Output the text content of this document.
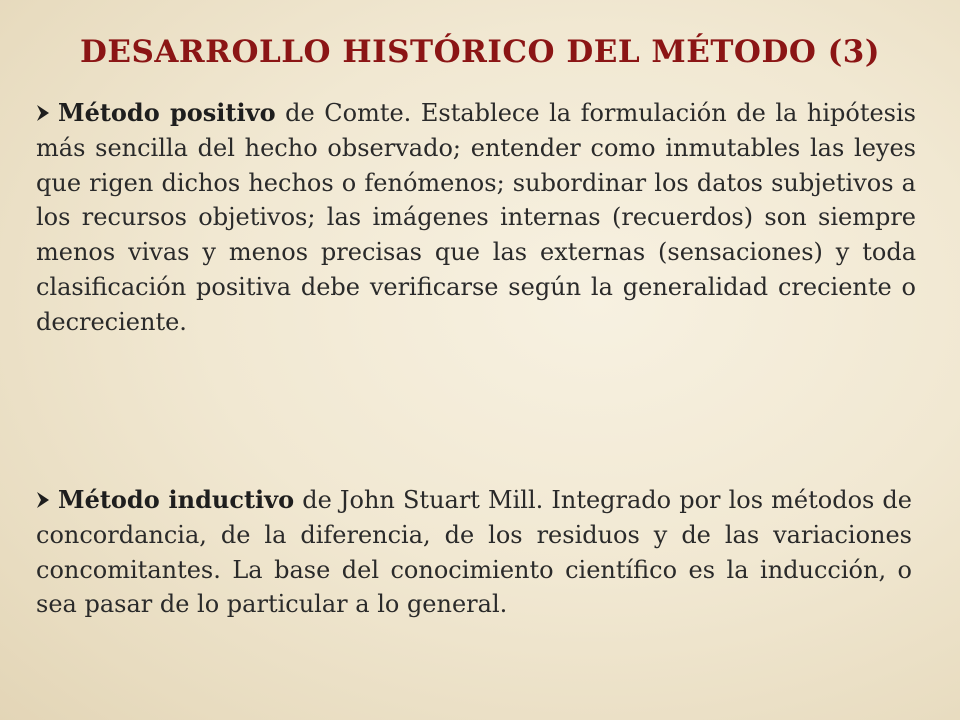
DESARROLLO HISTÓRICO DEL MÉTODO (3)

Método positivo de Comte. Establece la formulación de la hipótesis más sencilla del hecho observado; entender como inmutables las leyes que rigen dichos hechos o fenómenos; subordinar los datos subjetivos a los recursos objetivos; las imágenes internas (recuerdos) son siempre menos vivas y menos precisas que las externas (sensaciones) y toda clasificación positiva debe verificarse según la generalidad creciente o decreciente.

Método inductivo de John Stuart Mill. Integrado por los métodos de concordancia, de la diferencia, de los residuos y de las variaciones concomitantes. La base del conocimiento científico es la inducción, o sea pasar de lo particular a lo general.
